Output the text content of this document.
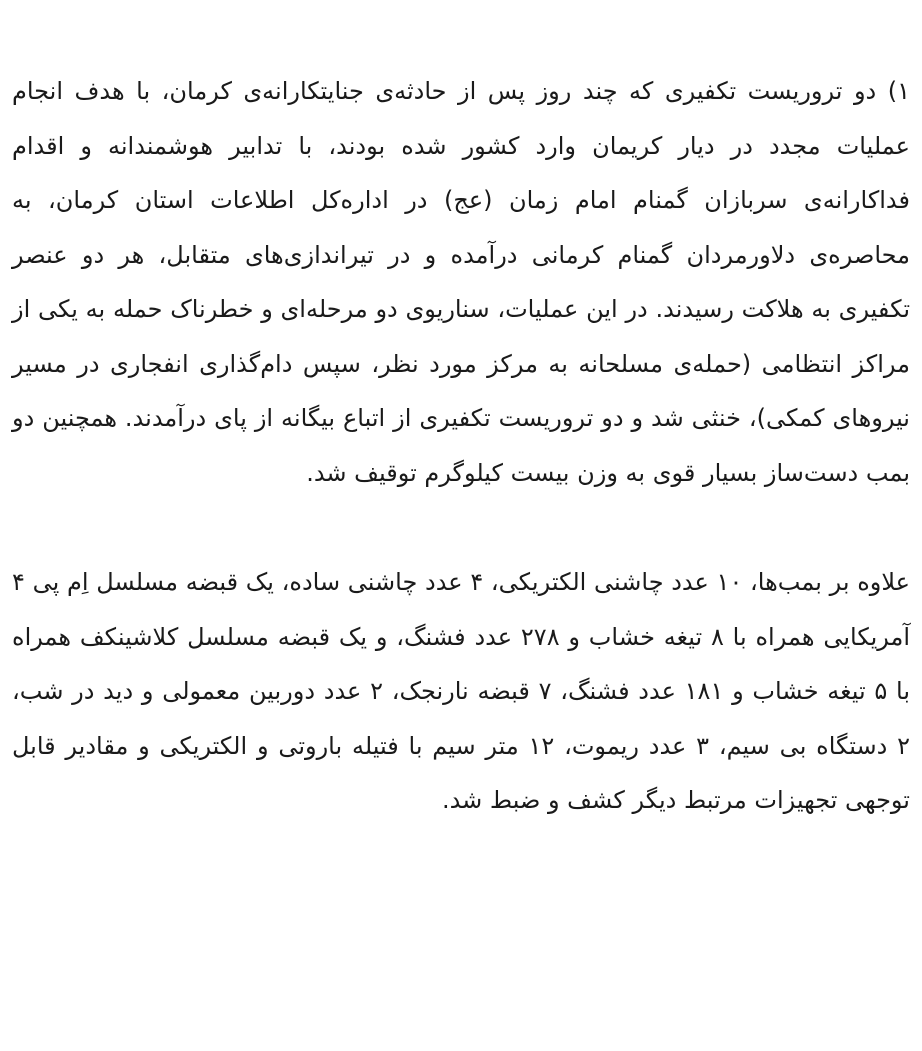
۱) دو تروریست تکفیری که چند روز پس از حادثه‌ی جنایتکارانه‌ی کرمان، با هدف انجام عملیات مجدد در دیار کریمان وارد کشور شده بودند، با تدابیر هوشمندانه و اقدام فداکارانه‌ی سربازان گمنام امام زمان (عج) در اداره‌کل اطلاعات استان کرمان، به محاصره‌ی دلاورمردان گمنام کرمانی درآمده و در تیراندازی‌های متقابل، هر دو عنصر تکفیری به هلاکت رسیدند. در این عملیات، سناریوی دو مرحله‌ای و خطرناک حمله به یکی از مراکز انتظامی (حمله‌ی مسلحانه به مرکز مورد نظر، سپس دام‌گذاری انفجاری در مسیر نیروهای کمکی)، خنثی شد و دو تروریست تکفیری از اتباع بیگانه از پای درآمدند. همچنین دو بمب دست‌ساز بسیار قوی به وزن بیست کیلوگرم توقیف شد.

علاوه بر بمب‌ها، ۱۰ عدد چاشنی الکتریکی، ۴ عدد چاشنی ساده، یک قبضه مسلسل اِم پی ۴ آمریکایی همراه با ۸ تیغه خشاب و ۲۷۸ عدد فشنگ، و یک قبضه مسلسل کلاشینکف همراه با ۵ تیغه خشاب و ۱۸۱ عدد فشنگ، ۷ قبضه نارنجک، ۲ عدد دوربین معمولی و دید در شب، ۲ دستگاه بی سیم، ۳ عدد ریموت، ۱۲ متر سیم با فتیله باروتی و الکتریکی و مقادیر قابل توجهی تجهیزات مرتبط دیگر کشف و ضبط شد.
